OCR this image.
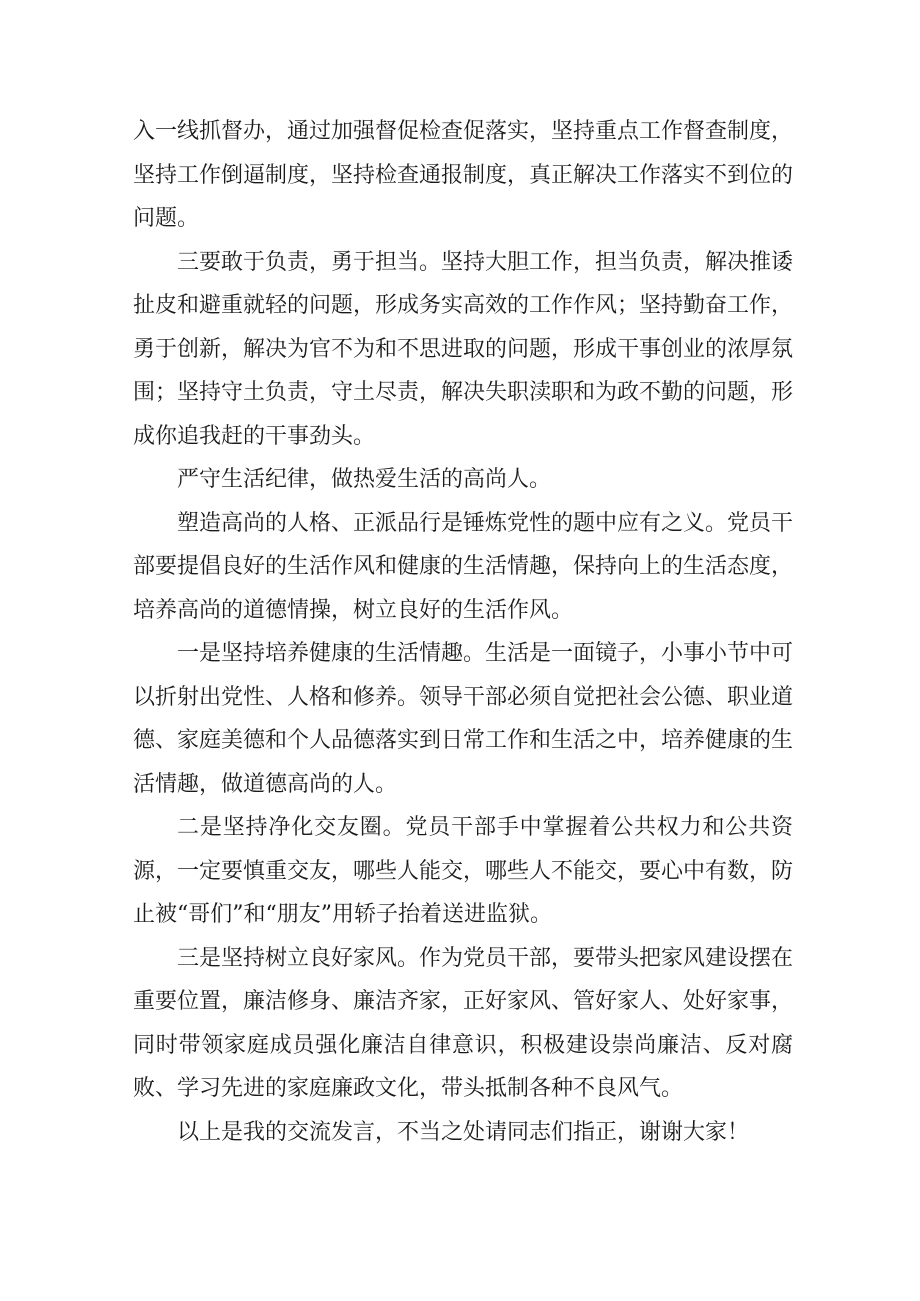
入一线抓督办，通过加强督促检查促落实，坚持重点工作督查制度，坚持工作倒逼制度，坚持检查通报制度，真正解决工作落实不到位的问题。

三要敢于负责，勇于担当。坚持大胆工作，担当负责，解决推诿扯皮和避重就轻的问题，形成务实高效的工作作风；坚持勤奋工作，勇于创新，解决为官不为和不思进取的问题，形成干事创业的浓厚氛围；坚持守土负责，守土尽责，解决失职渎职和为政不勤的问题，形成你追我赶的干事劲头。

严守生活纪律，做热爱生活的高尚人。

塑造高尚的人格、正派品行是锤炼党性的题中应有之义。党员干部要提倡良好的生活作风和健康的生活情趣，保持向上的生活态度，培养高尚的道德情操，树立良好的生活作风。

一是坚持培养健康的生活情趣。生活是一面镜子，小事小节中可以折射出党性、人格和修养。领导干部必须自觉把社会公德、职业道德、家庭美德和个人品德落实到日常工作和生活之中，培养健康的生活情趣，做道德高尚的人。

二是坚持净化交友圈。党员干部手中掌握着公共权力和公共资源，一定要慎重交友，哪些人能交，哪些人不能交，要心中有数，防止被“哥们”和“朋友”用轿子抬着送进监狱。

三是坚持树立良好家风。作为党员干部，要带头把家风建设摆在重要位置，廉洁修身、廉洁齐家，正好家风、管好家人、处好家事，同时带领家庭成员强化廉洁自律意识，积极建设崇尚廉洁、反对腐败、学习先进的家庭廉政文化，带头抵制各种不良风气。

以上是我的交流发言，不当之处请同志们指正，谢谢大家！
